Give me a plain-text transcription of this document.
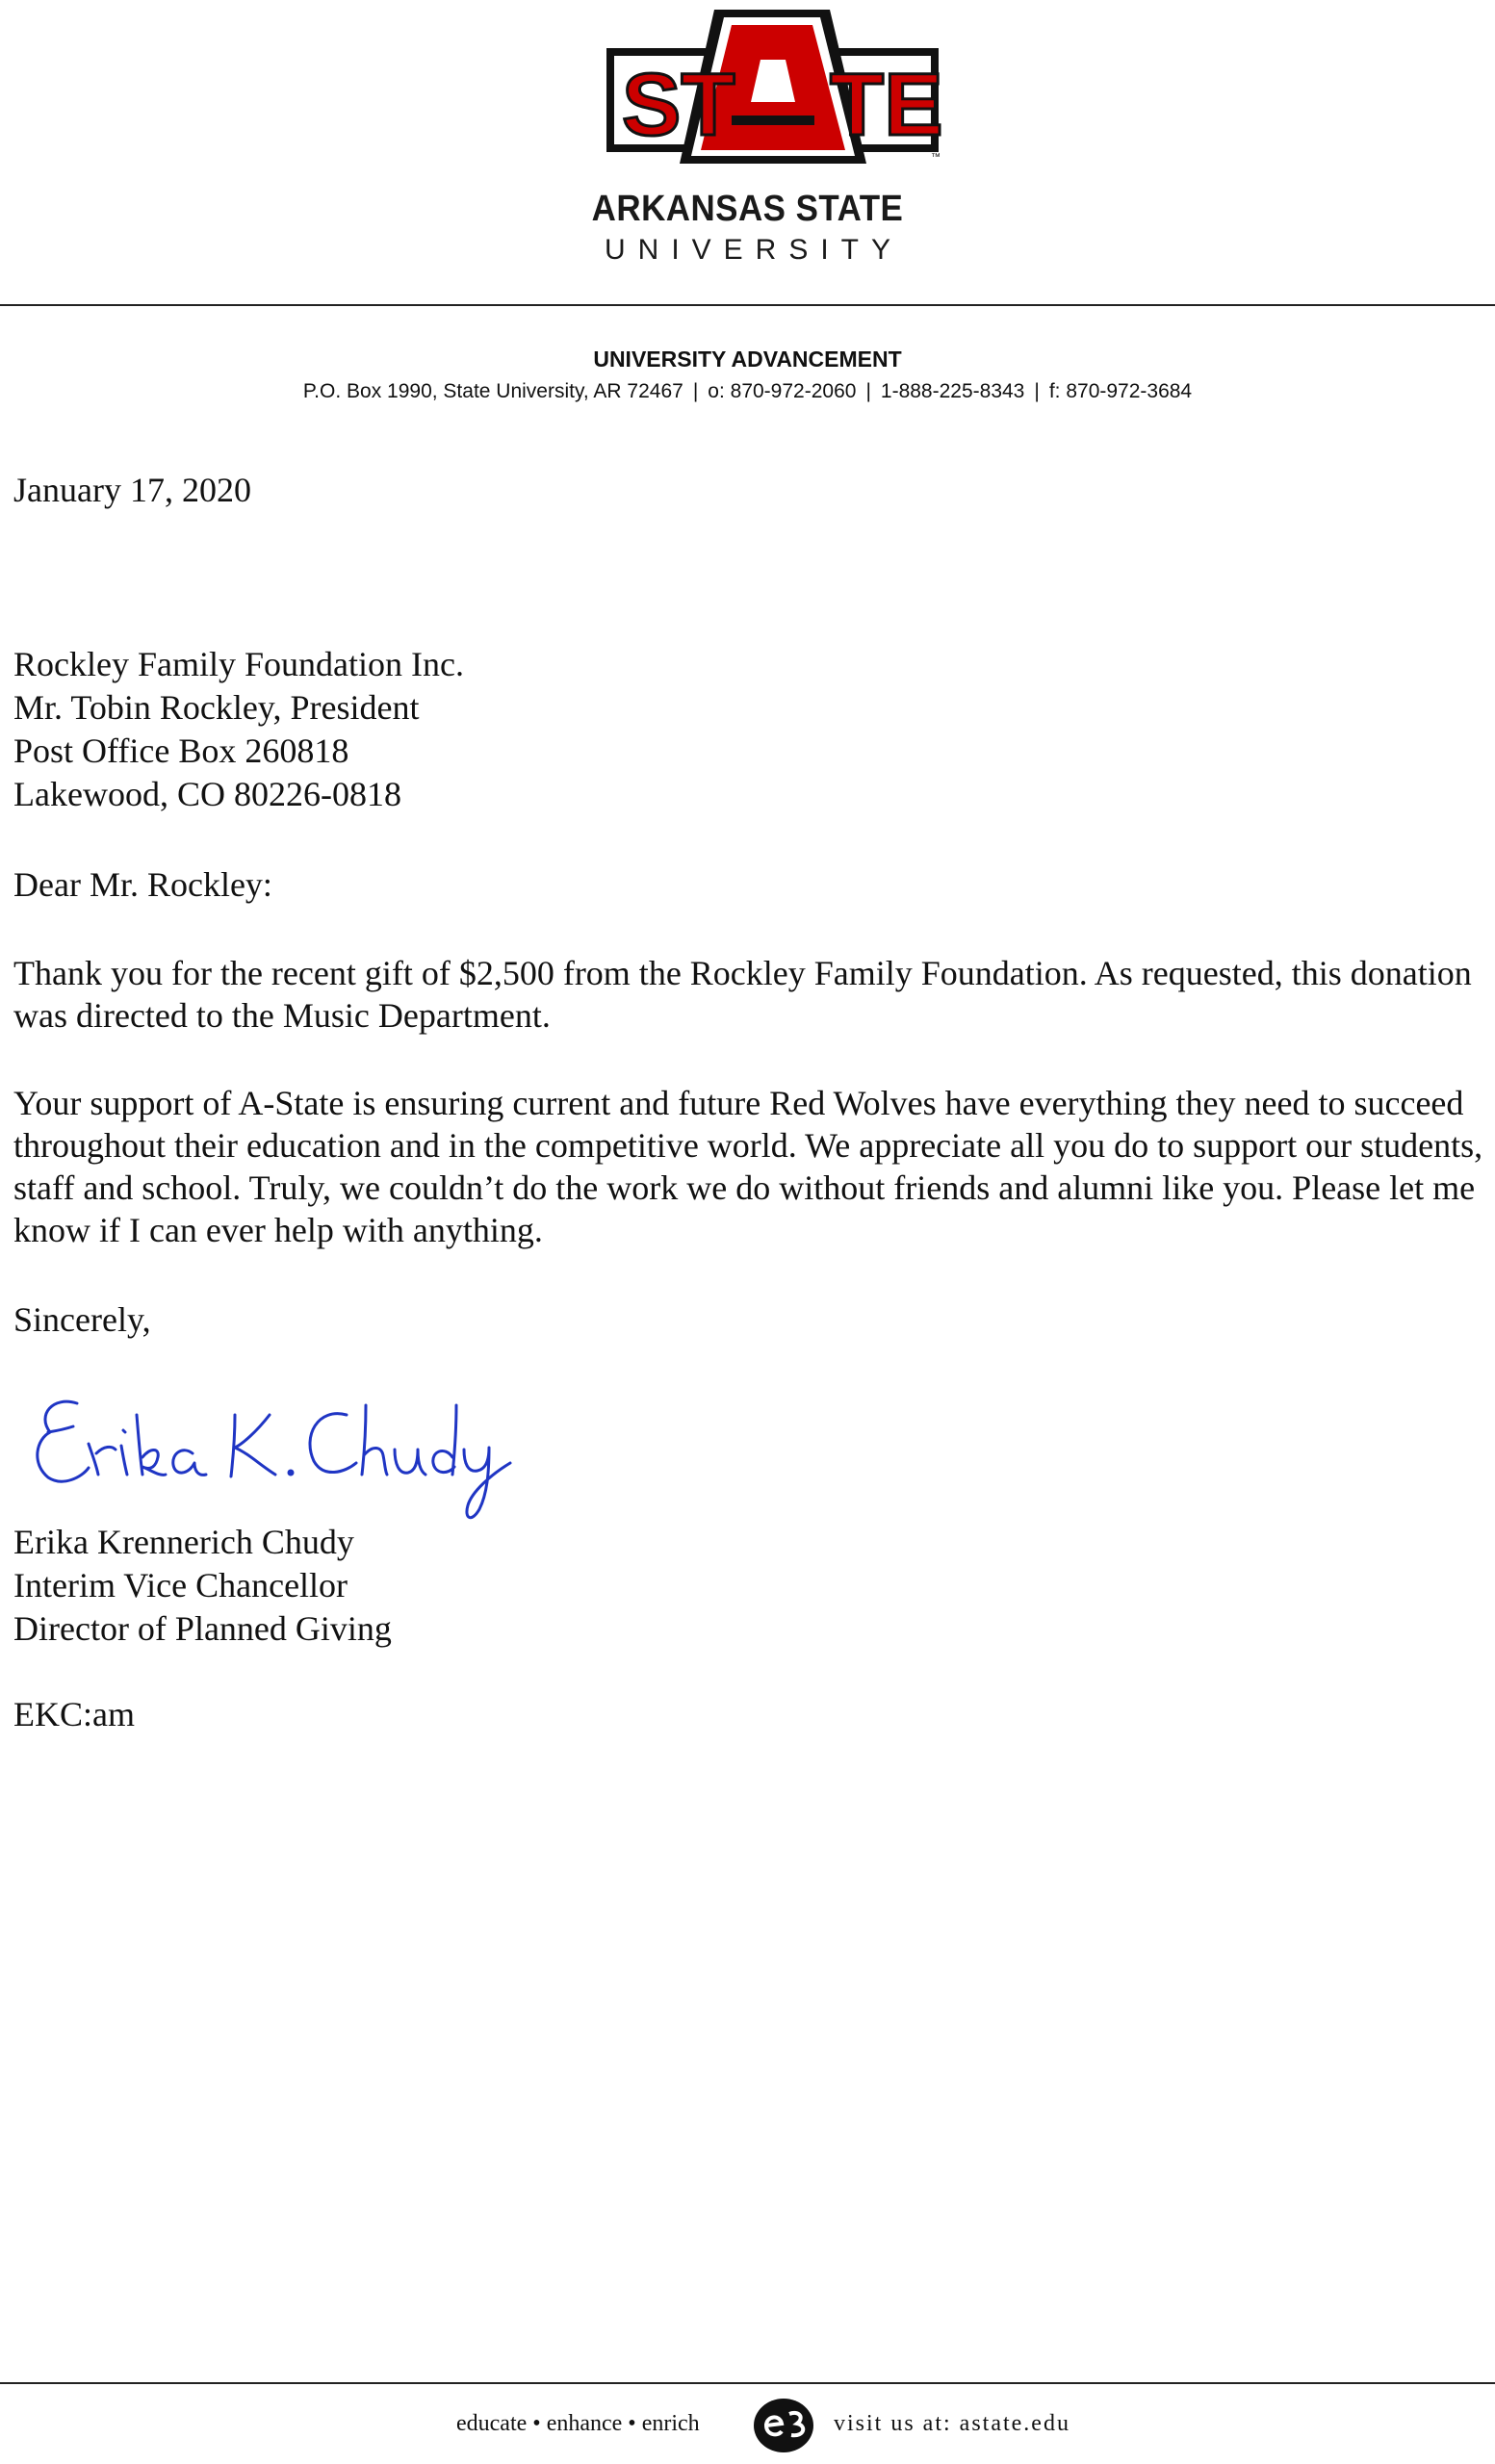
ST TE
™
ARKANSAS STATE
UNIVERSITY
UNIVERSITY ADVANCEMENT
P.O. Box 1990, State University, AR 72467 | o: 870-972-2060 | 1-888-225-8343 | f: 870-972-3684
January 17, 2020
Rockley Family Foundation Inc.
Mr. Tobin Rockley, President
Post Office Box 260818
Lakewood, CO 80226-0818
Dear Mr. Rockley:
Thank you for the recent gift of $2,500 from the Rockley Family Foundation. As requested, this donation was directed to the Music Department.
Your support of A-State is ensuring current and future Red Wolves have everything they need to succeed throughout their education and in the competitive world. We appreciate all you do to support our students, staff and school. Truly, we couldn’t do the work we do without friends and alumni like you. Please let me know if I can ever help with anything.
Sincerely,
Erika Krennerich Chudy
Interim Vice Chancellor
Director of Planned Giving
EKC:am
educate • enhance • enrich	visit us at: astate.edu
